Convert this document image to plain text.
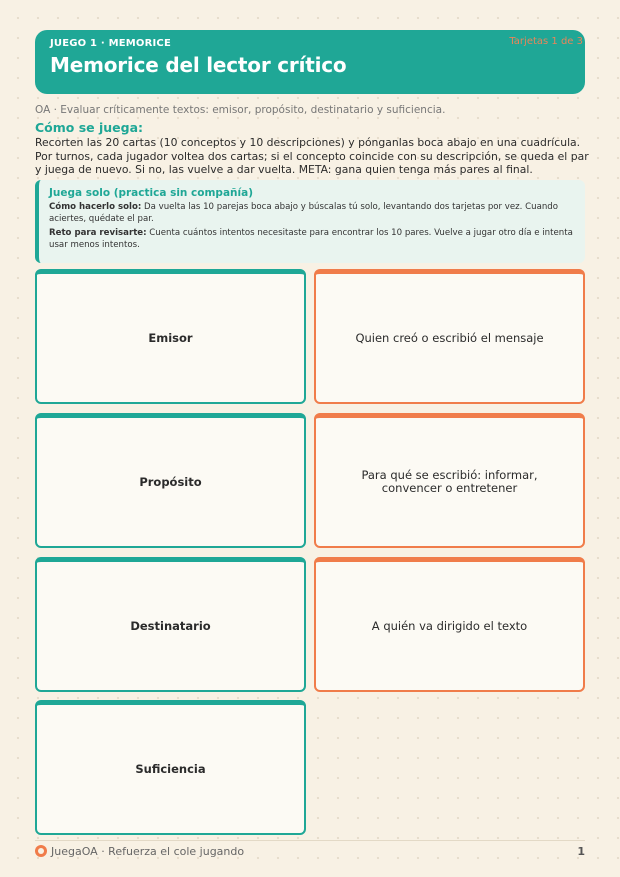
JUEGO 1 · MEMORICE
Memorice del lector crítico
Tarjetas 1 de 3
OA · Evaluar críticamente textos: emisor, propósito, destinatario y suficiencia.
Cómo se juega:
Recorten las 20 cartas (10 conceptos y 10 descripciones) y pónganlas boca abajo en una cuadrícula. Por turnos, cada jugador voltea dos cartas; si el concepto coincide con su descripción, se queda el par y juega de nuevo. Si no, las vuelve a dar vuelta. META: gana quien tenga más pares al final.
Juega solo (practica sin compañía)

Cómo hacerlo solo: Da vuelta las 10 parejas boca abajo y búscalas tú solo, levantando dos tarjetas por vez. Cuando aciertes, quédate el par.

Reto para revisarte: Cuenta cuántos intentos necesitaste para encontrar los 10 pares. Vuelve a jugar otro día e intenta usar menos intentos.

Emisor	Quien creó o escribió el mensaje
Propósito	Para qué se escribió: informar, convencer o entretener
Destinatario	A quién va dirigido el texto
Suficiencia
JuegaOA · Refuerza el cole jugando	1
